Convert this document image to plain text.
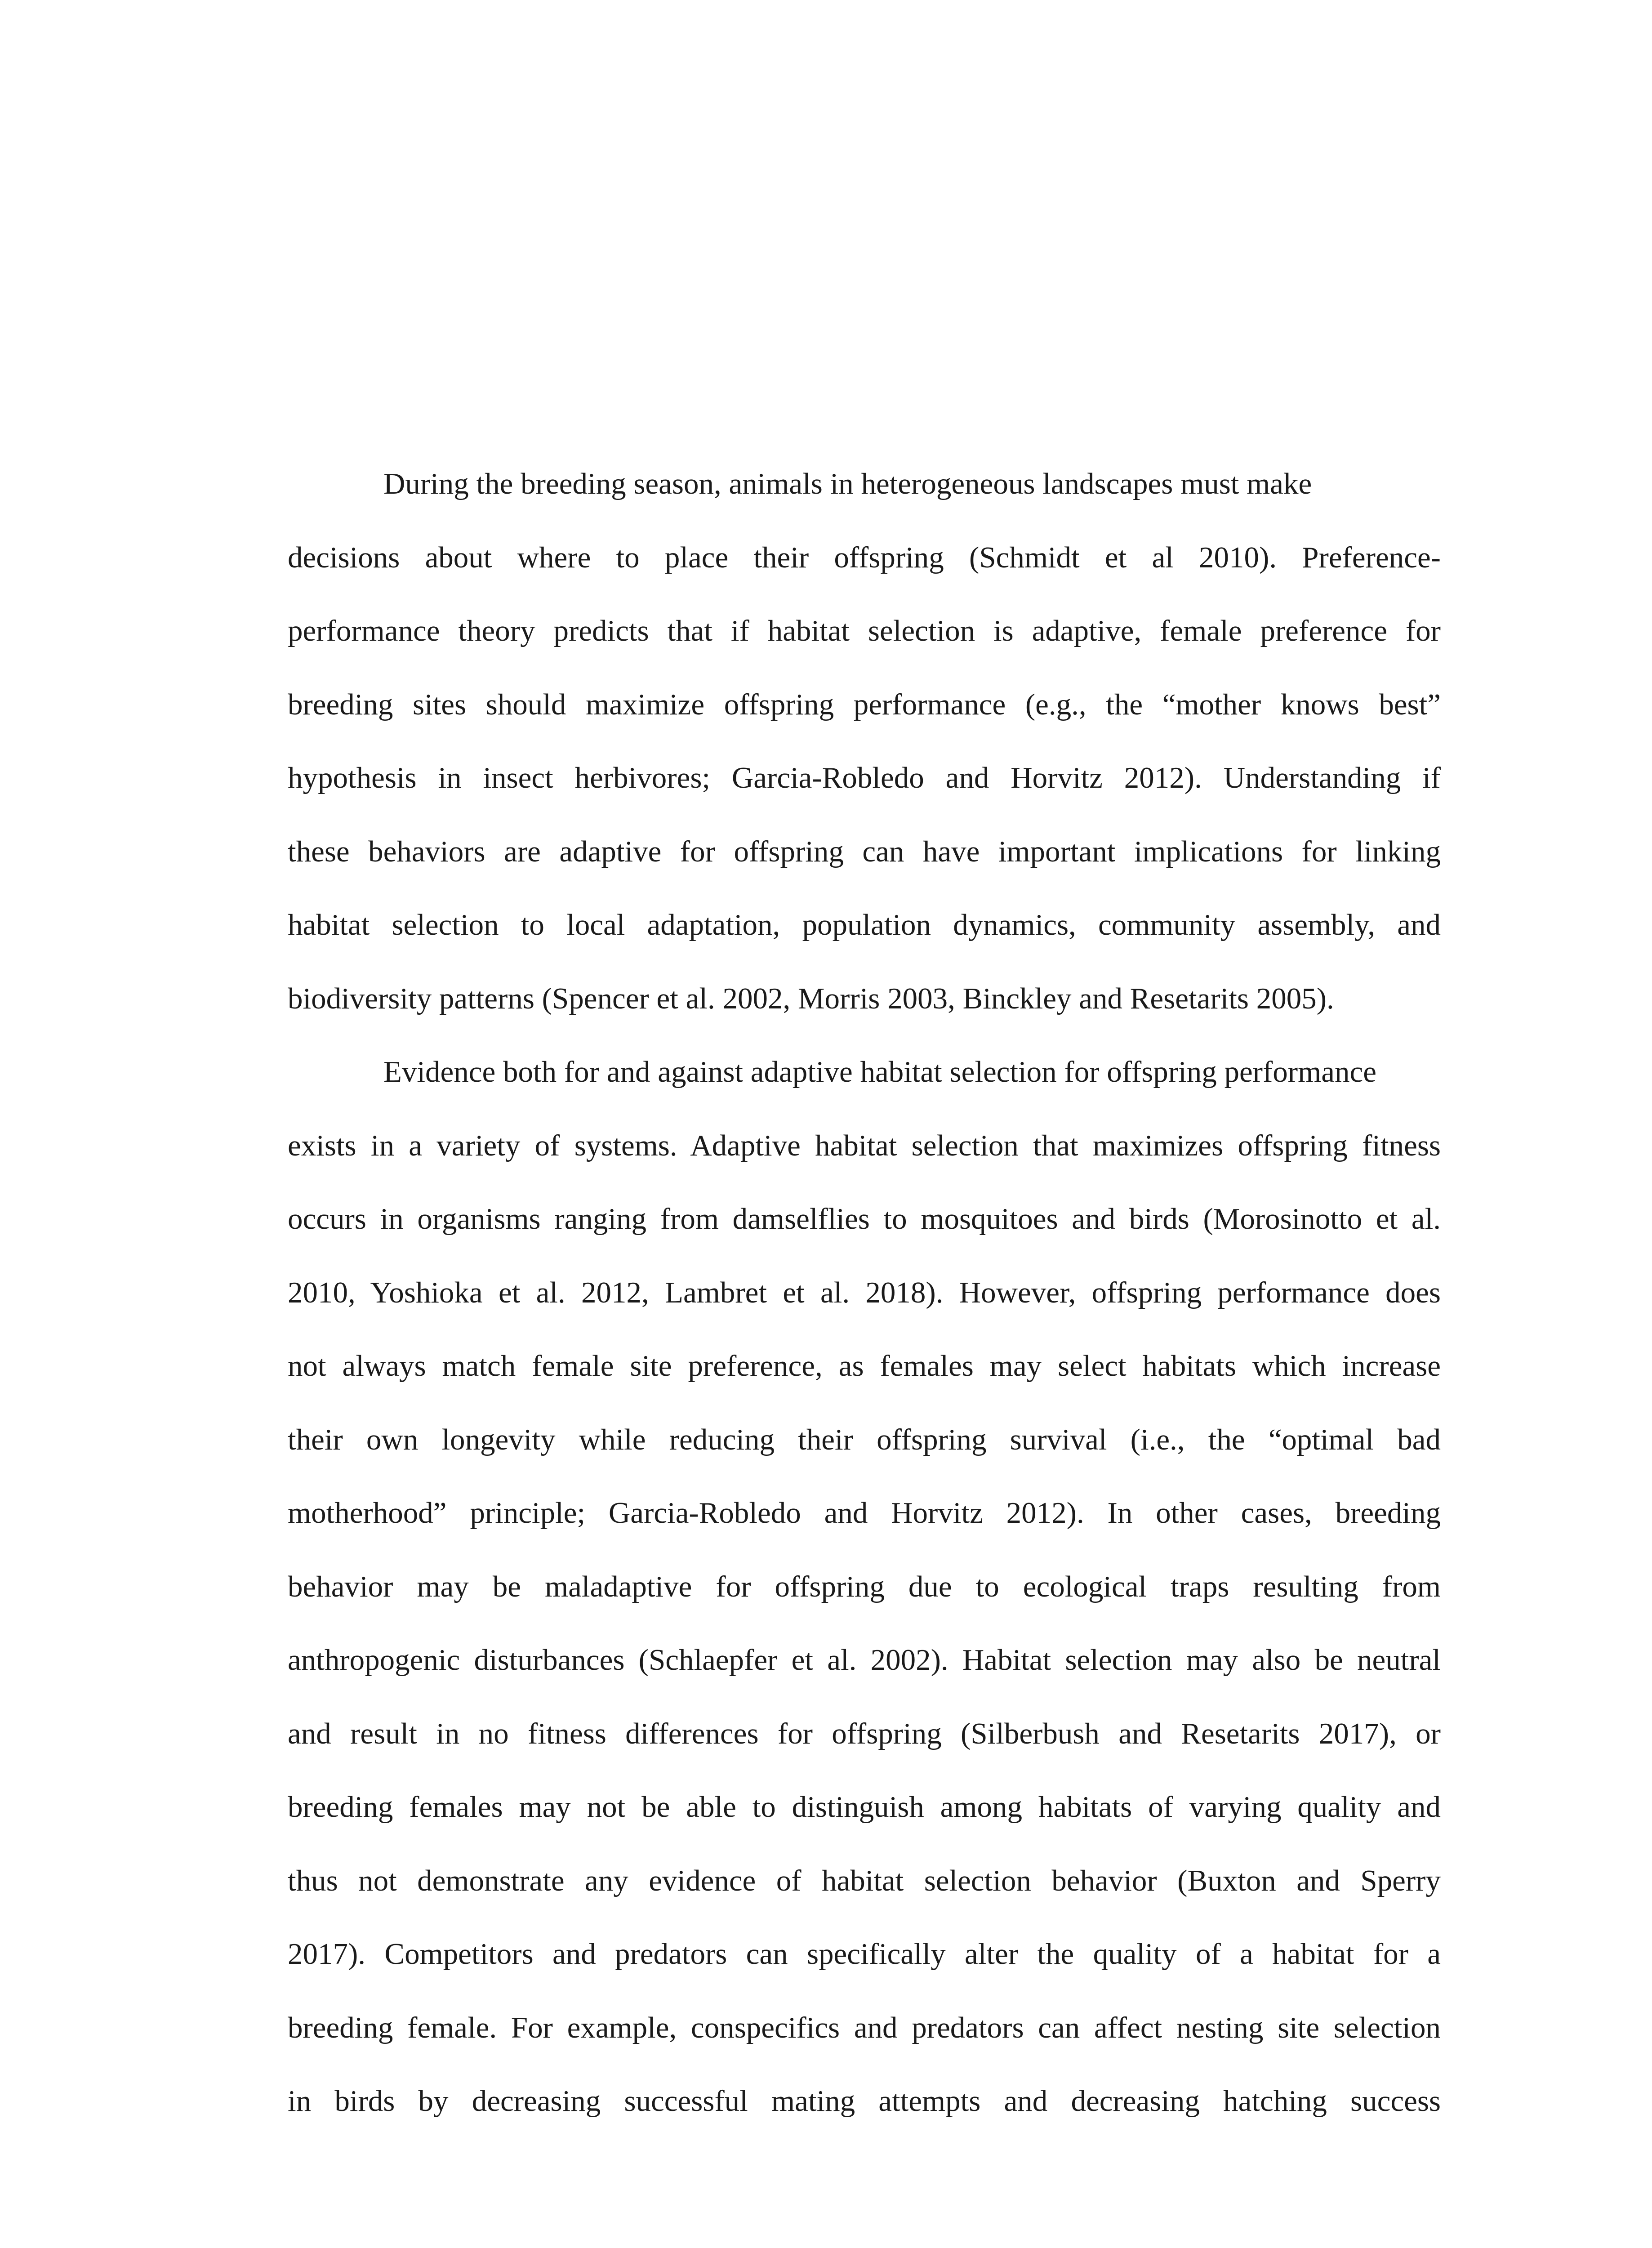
During the breeding season, animals in heterogeneous landscapes must make
decisions about where to place their offspring (Schmidt et al 2010). Preference-
performance theory predicts that if habitat selection is adaptive, female preference for
breeding sites should maximize offspring performance (e.g., the “mother knows best”
hypothesis in insect herbivores; Garcia-Robledo and Horvitz 2012). Understanding if
these behaviors are adaptive for offspring can have important implications for linking
habitat selection to local adaptation, population dynamics, community assembly, and
biodiversity patterns (Spencer et al. 2002, Morris 2003, Binckley and Resetarits 2005).
Evidence both for and against adaptive habitat selection for offspring performance
exists in a variety of systems. Adaptive habitat selection that maximizes offspring fitness
occurs in organisms ranging from damselflies to mosquitoes and birds (Morosinotto et al.
2010, Yoshioka et al. 2012, Lambret et al. 2018). However, offspring performance does
not always match female site preference, as females may select habitats which increase
their own longevity while reducing their offspring survival (i.e., the “optimal bad
motherhood” principle; Garcia-Robledo and Horvitz 2012). In other cases, breeding
behavior may be maladaptive for offspring due to ecological traps resulting from
anthropogenic disturbances (Schlaepfer et al. 2002). Habitat selection may also be neutral
and result in no fitness differences for offspring (Silberbush and Resetarits 2017), or
breeding females may not be able to distinguish among habitats of varying quality and
thus not demonstrate any evidence of habitat selection behavior (Buxton and Sperry
2017). Competitors and predators can specifically alter the quality of a habitat for a
breeding female. For example, conspecifics and predators can affect nesting site selection
in birds by decreasing successful mating attempts and decreasing hatching success
